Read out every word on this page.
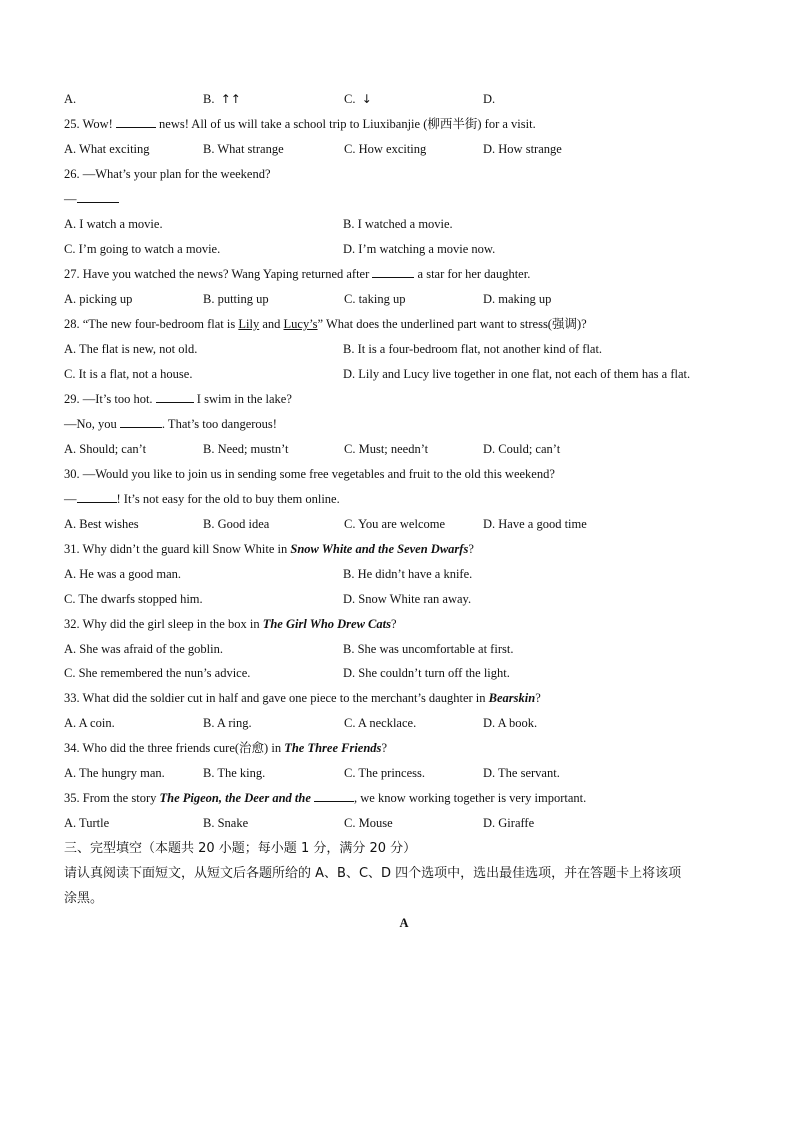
A.	B. ↑↑	C. ↓	D.
25. Wow!	news! All of us will take a school trip to Liuxibanjie (柳西半街) for a visit.
A. What exciting	B. What strange	C. How exciting	D. How strange
26. —What’s your plan for the weekend?
—
A. I watch a movie.	B. I watched a movie.
C. I’m going to watch a movie.	D. I’m watching a movie now.
27. Have you watched the news? Wang Yaping returned after	a star for her daughter.
A. picking up	B. putting up	C. taking up	D. making up
28. “The new four-bedroom flat is Lily and Lucy’s” What does the underlined part want to stress(强调)?
A. The flat is new, not old.	B. It is a four-bedroom flat, not another kind of flat.
C. It is a flat, not a house.	D. Lily and Lucy live together in one flat, not each of them has a flat.
29. —It’s too hot.	I swim in the lake?
—No, you	. That’s too dangerous!
A. Should; can’t	B. Need; mustn’t	C. Must; needn’t	D. Could; can’t
30. —Would you like to join us in sending some free vegetables and fruit to the old this weekend?
—	! It’s not easy for the old to buy them online.
A. Best wishes	B. Good idea	C. You are welcome	D. Have a good time
31. Why didn’t the guard kill Snow White in Snow White and the Seven Dwarfs?
A. He was a good man.	B. He didn’t have a knife.
C. The dwarfs stopped him.	D. Snow White ran away.
32. Why did the girl sleep in the box in The Girl Who Drew Cats?
A. She was afraid of the goblin.	B. She was uncomfortable at first.
C. She remembered the nun’s advice.	D. She couldn’t turn off the light.
33. What did the soldier cut in half and gave one piece to the merchant’s daughter in Bearskin?
A. A coin.	B. A ring.	C. A necklace.	D. A book.
34. Who did the three friends cure(治愈) in The Three Friends?
A. The hungry man.	B. The king.	C. The princess.	D. The servant.
35. From the story The Pigeon, the Deer and the	, we know working together is very important.
A. Turtle	B. Snake	C. Mouse	D. Giraffe
三、完型填空（本题共 20 小题；每小题 1 分，满分 20 分）
请认真阅读下面短文，从短文后各题所给的 A、B、C、D 四个选项中，选出最佳选项，并在答题卡上将该项
涂黑。
A
